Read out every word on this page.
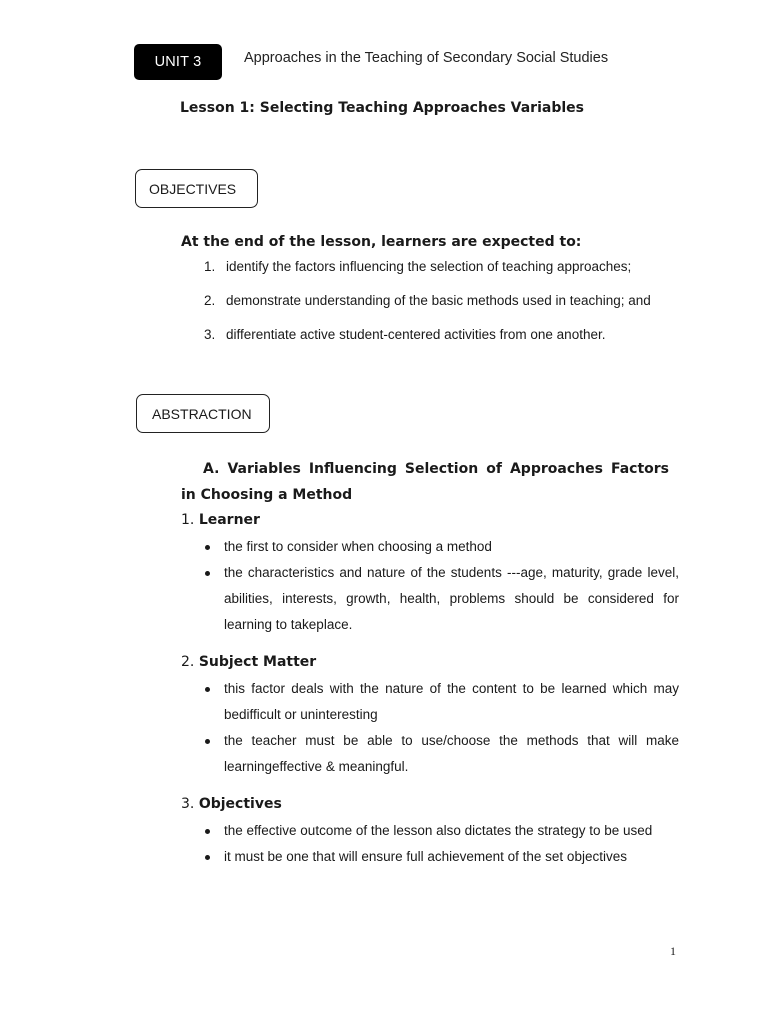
UNIT 3	Approaches in the Teaching of Secondary Social Studies
Lesson 1: Selecting Teaching Approaches Variables
OBJECTIVES
At the end of the lesson, learners are expected to:
1. identify the factors influencing the selection of teaching approaches;
2. demonstrate understanding of the basic methods used in teaching; and
3. differentiate active student-centered activities from one another.
ABSTRACTION
A. Variables Influencing Selection of Approaches Factors in Choosing a Method
1. Learner
the first to consider when choosing a method
the characteristics and nature of the students ---age, maturity, grade level, abilities, interests, growth, health, problems should be considered for learning to takeplace.
2. Subject Matter
this factor deals with the nature of the content to be learned which may bedifficult or uninteresting
the teacher must be able to use/choose the methods that will make learningeffective & meaningful.
3. Objectives
the effective outcome of the lesson also dictates the strategy to be used
it must be one that will ensure full achievement of the set objectives
1
